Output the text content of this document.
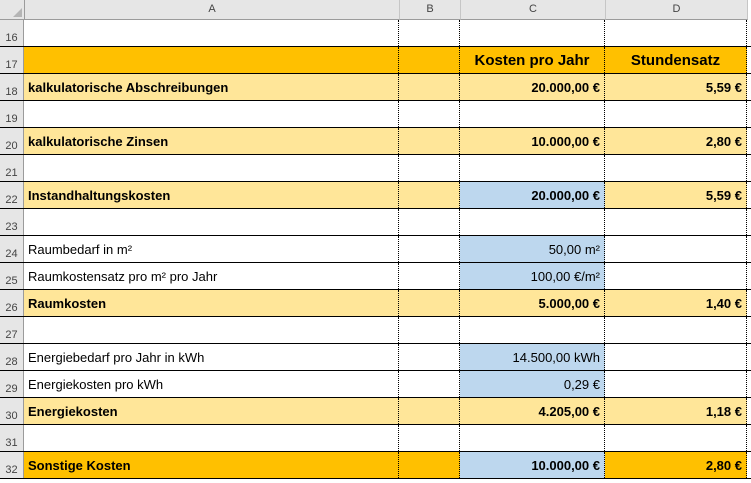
A	B	C	D
16
17	Kosten pro Jahr	Stundensatz
18 kalkulatorische Abschreibungen	20.000,00 €	5,59 €
19
20 kalkulatorische Zinsen	10.000,00 €	2,80 €
21
22 Instandhaltungskosten	20.000,00 €	5,59 €
23
24 Raumbedarf in m²	50,00 m²
25 Raumkostensatz pro m² pro Jahr	100,00 €/m²
26 Raumkosten	5.000,00 €	1,40 €
27
28 Energiebedarf pro Jahr in kWh	14.500,00 kWh
29 Energiekosten pro kWh	0,29 €
30 Energiekosten	4.205,00 €	1,18 €
31
32 Sonstige Kosten	10.000,00 €	2,80 €
